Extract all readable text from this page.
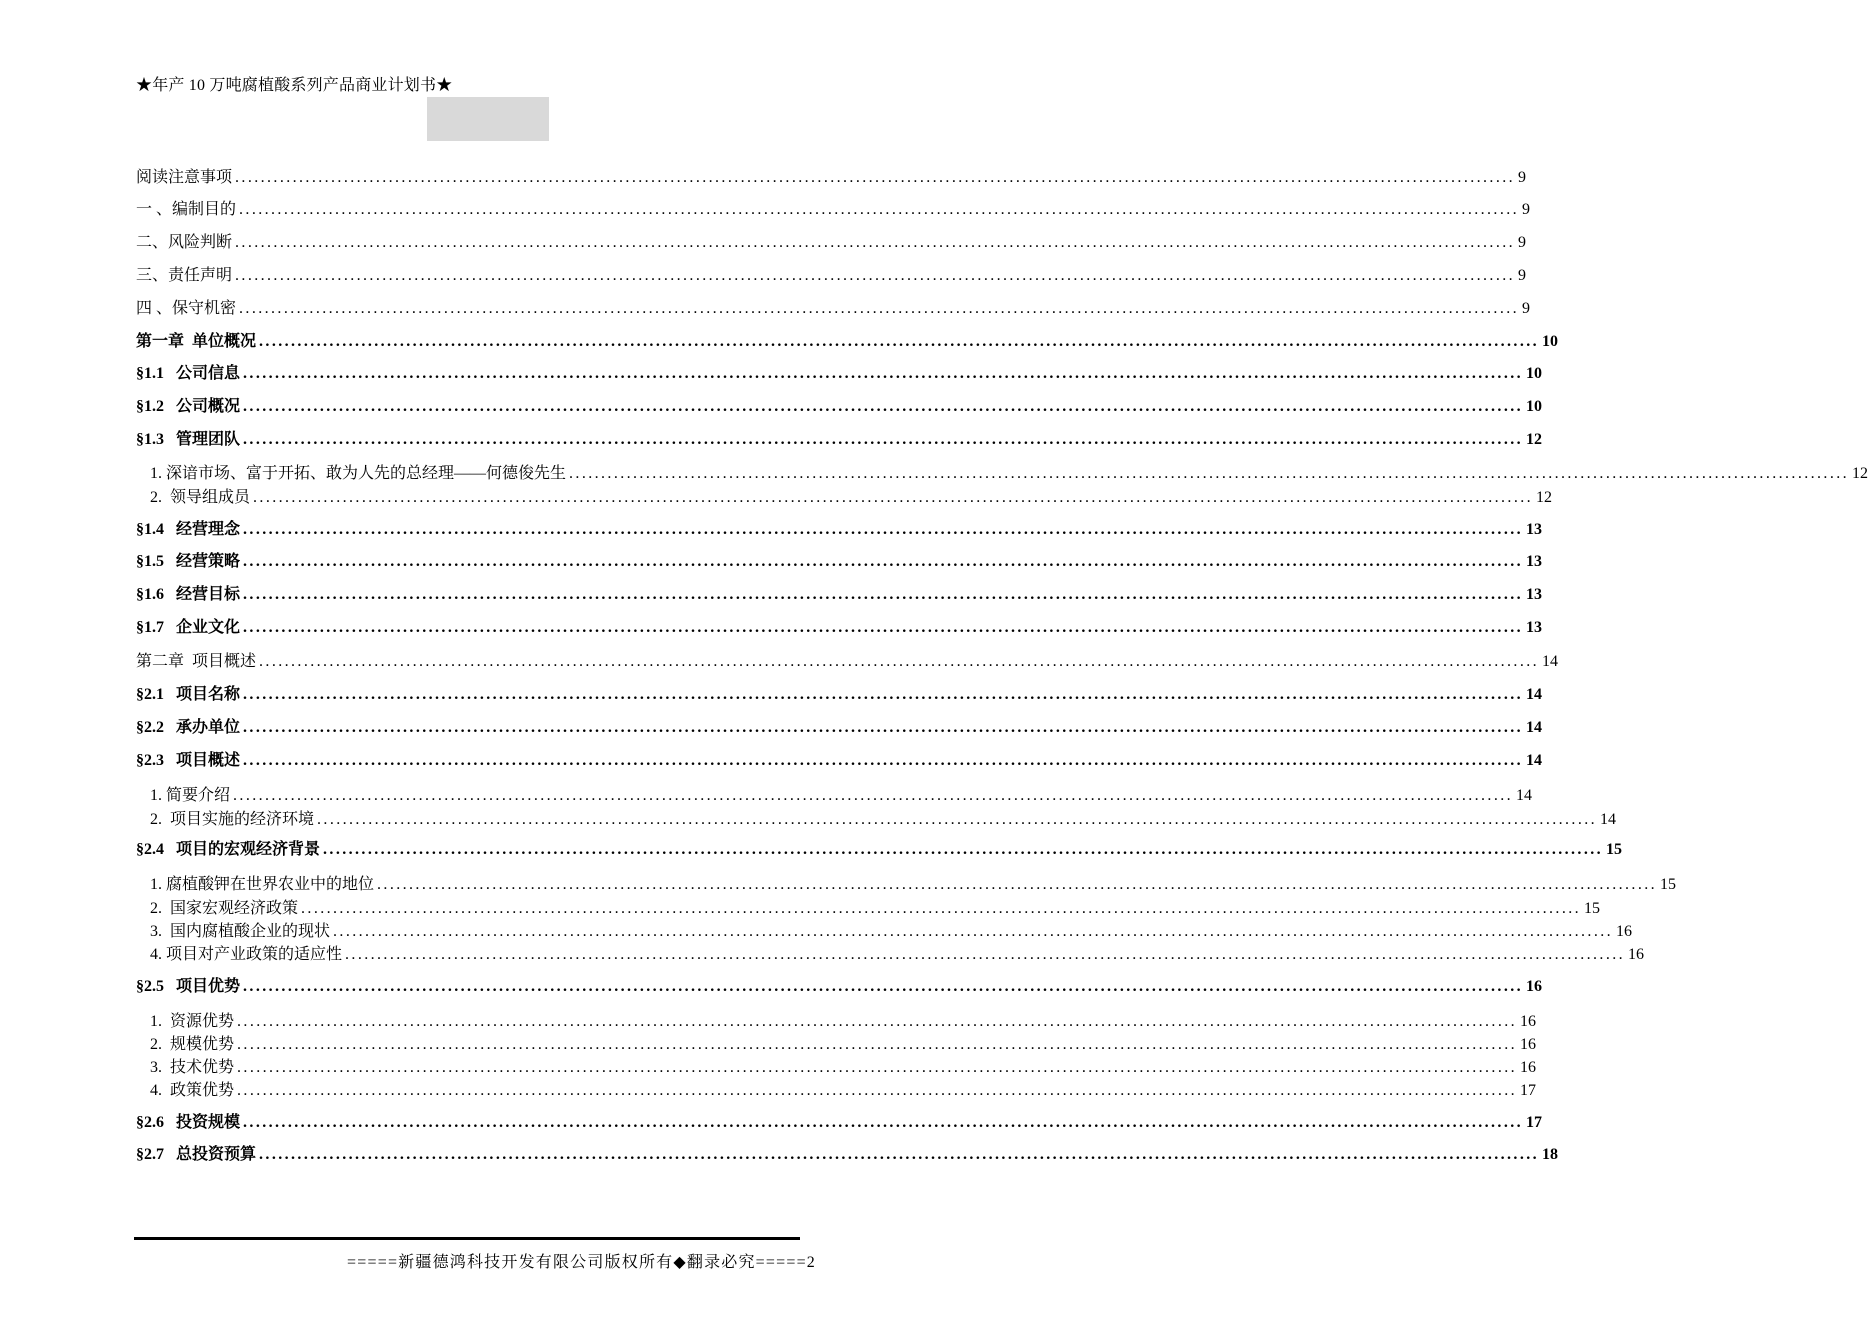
★年产 10 万吨腐植酸系列产品商业计划书★
阅读注意事项 ........................................................................................................................................................................................................ 9
一 、编制目的 ........................................................................................................................................................................................................ 9
二、风险判断 ........................................................................................................................................................................................................ 9
三、责任声明 ........................................................................................................................................................................................................ 9
四 、保守机密 ........................................................................................................................................................................................................ 9
第一章  单位概况 ........................................................................................................................................................................................................ 10
§1.1   公司信息 ........................................................................................................................................................................................................ 10
§1.2   公司概况 ........................................................................................................................................................................................................ 10
§1.3   管理团队 ........................................................................................................................................................................................................ 12
1. 深谙市场、富于开拓、敢为人先的总经理——何德俊先生 ........................................................................................................................................................................................................ 12
2.  领导组成员 ........................................................................................................................................................................................................ 12
§1.4   经营理念 ........................................................................................................................................................................................................ 13
§1.5   经营策略 ........................................................................................................................................................................................................ 13
§1.6   经营目标 ........................................................................................................................................................................................................ 13
§1.7   企业文化 ........................................................................................................................................................................................................ 13
第二章  项目概述 ........................................................................................................................................................................................................ 14
§2.1   项目名称 ........................................................................................................................................................................................................ 14
§2.2   承办单位 ........................................................................................................................................................................................................ 14
§2.3   项目概述 ........................................................................................................................................................................................................ 14
1. 简要介绍 ........................................................................................................................................................................................................ 14
2.  项目实施的经济环境 ........................................................................................................................................................................................................ 14
§2.4   项目的宏观经济背景 ........................................................................................................................................................................................................ 15
1. 腐植酸钾在世界农业中的地位 ........................................................................................................................................................................................................ 15
2.  国家宏观经济政策 ........................................................................................................................................................................................................ 15
3.  国内腐植酸企业的现状 ........................................................................................................................................................................................................ 16
4. 项目对产业政策的适应性 ........................................................................................................................................................................................................ 16
§2.5   项目优势 ........................................................................................................................................................................................................ 16
1.  资源优势 ........................................................................................................................................................................................................ 16
2.  规模优势 ........................................................................................................................................................................................................ 16
3.  技术优势 ........................................................................................................................................................................................................ 16
4.  政策优势 ........................................................................................................................................................................................................ 17
§2.6   投资规模 ........................................................................................................................................................................................................ 17
§2.7   总投资预算 ........................................................................................................................................................................................................ 18
=====新疆德鸿科技开发有限公司版权所有◆翻录必究=====2
